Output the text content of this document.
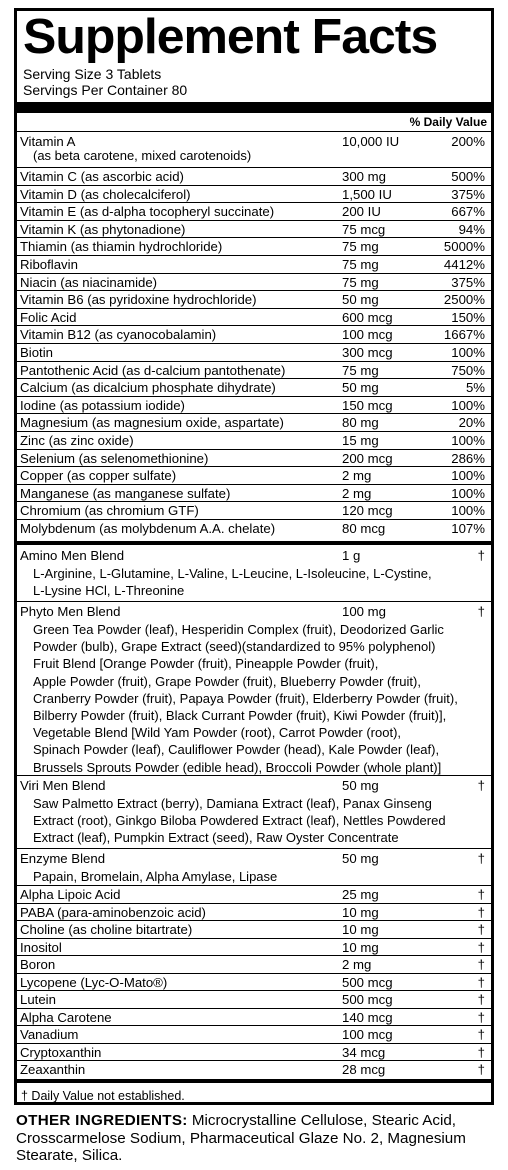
Supplement Facts
Serving Size 3 Tablets
Servings Per Container 80
% Daily Value
Vitamin A	10,000 IU	200%
(as beta carotene, mixed carotenoids)
Vitamin C (as ascorbic acid)	300 mg	500%
Vitamin D (as cholecalciferol)	1,500 IU	375%
Vitamin E (as d-alpha tocopheryl succinate)	200 IU	667%
Vitamin K (as phytonadione)	75 mcg	94%
Thiamin (as thiamin hydrochloride)	75 mg	5000%
Riboflavin	75 mg	4412%
Niacin (as niacinamide)	75 mg	375%
Vitamin B6 (as pyridoxine hydrochloride)	50 mg	2500%
Folic Acid	600 mcg	150%
Vitamin B12 (as cyanocobalamin)	100 mcg	1667%
Biotin	300 mcg	100%
Pantothenic Acid (as d-calcium pantothenate)	75 mg	750%
Calcium (as dicalcium phosphate dihydrate)	50 mg	5%
Iodine (as potassium iodide)	150 mcg	100%
Magnesium (as magnesium oxide, aspartate)	80 mg	20%
Zinc (as zinc oxide)	15 mg	100%
Selenium (as selenomethionine)	200 mcg	286%
Copper (as copper sulfate)	2 mg	100%
Manganese (as manganese sulfate)	2 mg	100%
Chromium (as chromium GTF)	120 mcg	100%
Molybdenum (as molybdenum A.A. chelate)	80 mcg	107%
Amino Men Blend	1 g	†
L-Arginine, L-Glutamine, L-Valine, L-Leucine, L-Isoleucine, L-Cystine,
L-Lysine HCl, L-Threonine
Phyto Men Blend	100 mg	†
Green Tea Powder (leaf), Hesperidin Complex (fruit), Deodorized Garlic
Powder (bulb), Grape Extract (seed)(standardized to 95% polyphenol)
Fruit Blend [Orange Powder (fruit), Pineapple Powder (fruit),
Apple Powder (fruit), Grape Powder (fruit), Blueberry Powder (fruit),
Cranberry Powder (fruit), Papaya Powder (fruit), Elderberry Powder (fruit),
Bilberry Powder (fruit), Black Currant Powder (fruit), Kiwi Powder (fruit)],
Vegetable Blend [Wild Yam Powder (root), Carrot Powder (root),
Spinach Powder (leaf), Cauliflower Powder (head), Kale Powder (leaf),
Brussels Sprouts Powder (edible head), Broccoli Powder (whole plant)]
Viri Men Blend	50 mg	†
Saw Palmetto Extract (berry), Damiana Extract (leaf), Panax Ginseng
Extract (root), Ginkgo Biloba Powdered Extract (leaf), Nettles Powdered
Extract (leaf), Pumpkin Extract (seed), Raw Oyster Concentrate
Enzyme Blend	50 mg	†
Papain, Bromelain, Alpha Amylase, Lipase
Alpha Lipoic Acid	25 mg	†
PABA (para-aminobenzoic acid)	10 mg	†
Choline (as choline bitartrate)	10 mg	†
Inositol	10 mg	†
Boron	2 mg	†
Lycopene (Lyc-O-Mato®)	500 mcg	†
Lutein	500 mcg	†
Alpha Carotene	140 mcg	†
Vanadium	100 mcg	†
Cryptoxanthin	34 mcg	†
Zeaxanthin	28 mcg	†
† Daily Value not established.
OTHER INGREDIENTS: Microcrystalline Cellulose, Stearic Acid, Crosscarmelose Sodium, Pharmaceutical Glaze No. 2, Magnesium Stearate, Silica.
